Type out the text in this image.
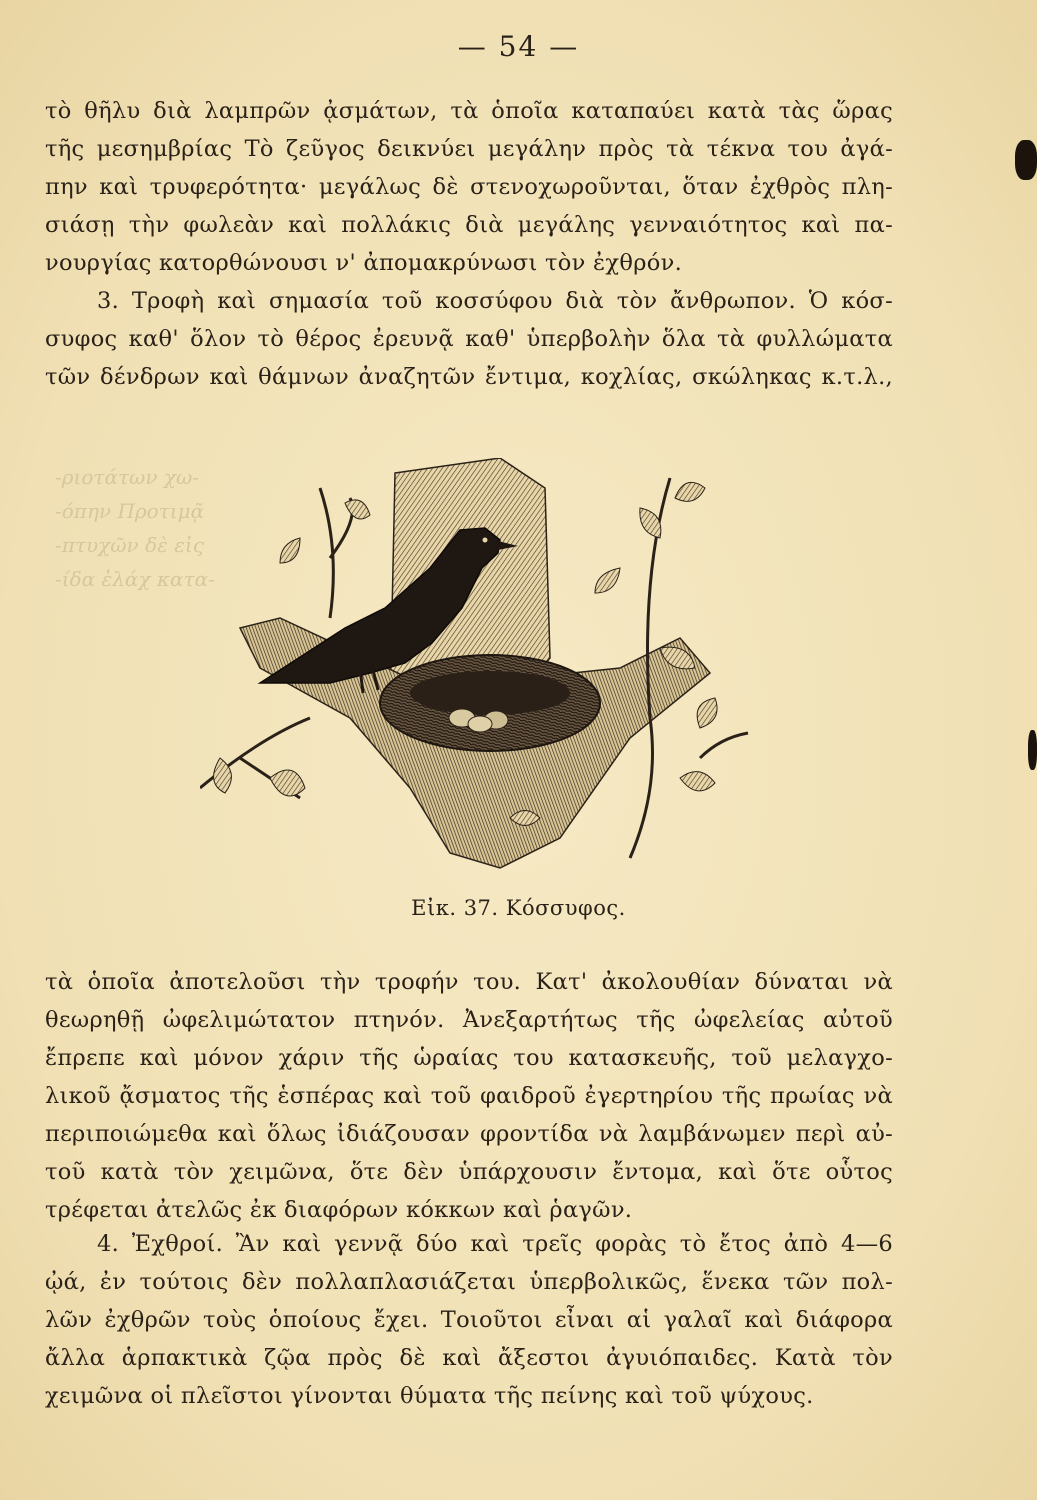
— 54 —
τὸ θῆλυ διὰ λαμπρῶν ᾀσμάτων, τὰ ὁποῖα καταπαύει κατὰ τὰς ὥρας
τῆς μεσημβρίας Τὸ ζεῦγος δεικνύει μεγάλην πρὸς τὰ τέκνα του ἀγά-
πην καὶ τρυφερότητα· μεγάλως δὲ στενοχωροῦνται, ὅταν ἐχθρὸς πλη-
σιάσῃ τὴν φωλεὰν καὶ πολλάκις διὰ μεγάλης γενναιότητος καὶ πα-
νουργίας κατορθώνουσι ν' ἀπομακρύνωσι τὸν ἐχθρόν.
3. Τροφὴ καὶ σημασία τοῦ κοσσύφου διὰ τὸν ἄνθρωπον. Ὁ κόσ-
συφος καθ' ὅλον τὸ θέρος ἐρευνᾷ καθ' ὑπερβολὴν ὅλα τὰ φυλλώματα
τῶν δένδρων καὶ θάμνων ἀναζητῶν ἔντιμα, κοχλίας, σκώληκας κ.τ.λ.,
-ριοτάτων χω-
-όπην Προτιμᾷ
-πτυχῶν δὲ εἰς
-ίδα ἐλάχ κατα-
Εἰκ. 37. Κόσσυφος.
τὰ ὁποῖα ἀποτελοῦσι τὴν τροφήν του. Κατ' ἀκολουθίαν δύναται νὰ
θεωρηθῇ ὠφελιμώτατον πτηνόν. Ἀνεξαρτήτως τῆς ὠφελείας αὐτοῦ
ἔπρεπε καὶ μόνον χάριν τῆς ὡραίας του κατασκευῆς, τοῦ μελαγχο-
λικοῦ ᾄσματος τῆς ἑσπέρας καὶ τοῦ φαιδροῦ ἐγερτηρίου τῆς πρωίας νὰ
περιποιώμεθα καὶ ὅλως ἰδιάζουσαν φροντίδα νὰ λαμβάνωμεν περὶ αὐ-
τοῦ κατὰ τὸν χειμῶνα, ὅτε δὲν ὑπάρχουσιν ἔντομα, καὶ ὅτε οὗτος
τρέφεται ἀτελῶς ἐκ διαφόρων κόκκων καὶ ῥαγῶν.
4. Ἐχθροί. Ἂν καὶ γεννᾷ δύο καὶ τρεῖς φορὰς τὸ ἔτος ἀπὸ 4—6
ᾠά, ἐν τούτοις δὲν πολλαπλασιάζεται ὑπερβολικῶς, ἕνεκα τῶν πολ-
λῶν ἐχθρῶν τοὺς ὁποίους ἔχει. Τοιοῦτοι εἶναι αἱ γαλαῖ καὶ διάφορα
ἄλλα ἁρπακτικὰ ζῷα πρὸς δὲ καὶ ἄξεστοι ἀγυιόπαιδες. Κατὰ τὸν
χειμῶνα οἱ πλεῖστοι γίνονται θύματα τῆς πείνης καὶ τοῦ ψύχους.
